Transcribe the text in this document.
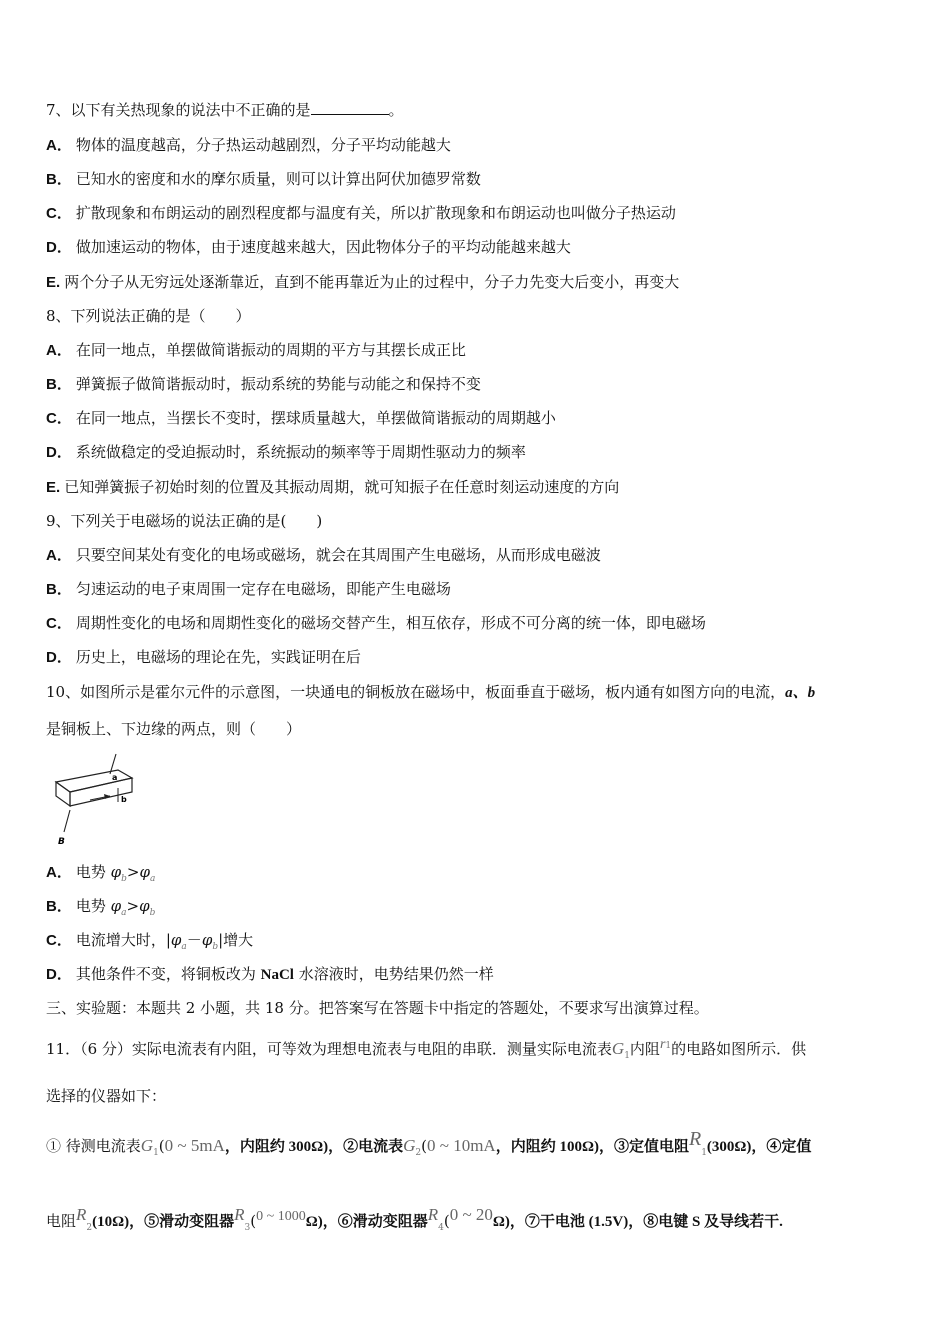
7、以下有关热现象的说法中不正确的是	。
A． 物体的温度越高，分子热运动越剧烈，分子平均动能越大
B． 已知水的密度和水的摩尔质量，则可以计算出阿伏加德罗常数
C． 扩散现象和布朗运动的剧烈程度都与温度有关，所以扩散现象和布朗运动也叫做分子热运动
D． 做加速运动的物体，由于速度越来越大，因此物体分子的平均动能越来越大
E. 两个分子从无穷远处逐渐靠近，直到不能再靠近为止的过程中，分子力先变大后变小，再变大
8、下列说法正确的是（　　）
A． 在同一地点，单摆做简谐振动的周期的平方与其摆长成正比
B． 弹簧振子做简谐振动时，振动系统的势能与动能之和保持不变
C． 在同一地点，当摆长不变时，摆球质量越大，单摆做简谐振动的周期越小
D． 系统做稳定的受迫振动时，系统振动的频率等于周期性驱动力的频率
E. 已知弹簧振子初始时刻的位置及其振动周期，就可知振子在任意时刻运动速度的方向
9、下列关于电磁场的说法正确的是(　　)
A． 只要空间某处有变化的电场或磁场，就会在其周围产生电磁场，从而形成电磁波
B． 匀速运动的电子束周围一定存在电磁场，即能产生电磁场
C． 周期性变化的电场和周期性变化的磁场交替产生，相互依存，形成不可分离的统一体，即电磁场
D． 历史上，电磁场的理论在先，实践证明在后
10、如图所示是霍尔元件的示意图，一块通电的铜板放在磁场中，板面垂直于磁场，板内通有如图方向的电流，a、b
是铜板上、下边缘的两点，则（　　）
A． 电势 $\varphi_b>\varphi_a$
B． 电势 $\varphi_a>\varphi_b$
C． 电流增大时，$|\varphi_a-\varphi_b|$增大
D． 其他条件不变，将铜板改为 NaCl 水溶液时，电势结果仍然一样
三、实验题：本题共 2 小题，共 18 分。把答案写在答题卡中指定的答题处，不要求写出演算过程。
11．（6 分）实际电流表有内阻，可等效为理想电流表与电阻的串联．测量实际电流表$G_1$内阻$r^1$的电路如图所示．供
选择的仪器如下：
① 待测电流表$G_1(0$ ~ 5mA，内阻约 300Ω)，②电流表$G_2(0$ ~ 10mA，内阻约 100Ω)，③定值电阻$R_1(300\Omega)$，④定值
电阻$R_2(10\Omega)$，⑤滑动变阻器$R_3(0$ ~ 1000Ω)，⑥滑动变阻器$R_4(0$ ~ 20Ω)，⑦干电池 (1.5V)，⑧电键 S 及导线若干.
a
b
B
